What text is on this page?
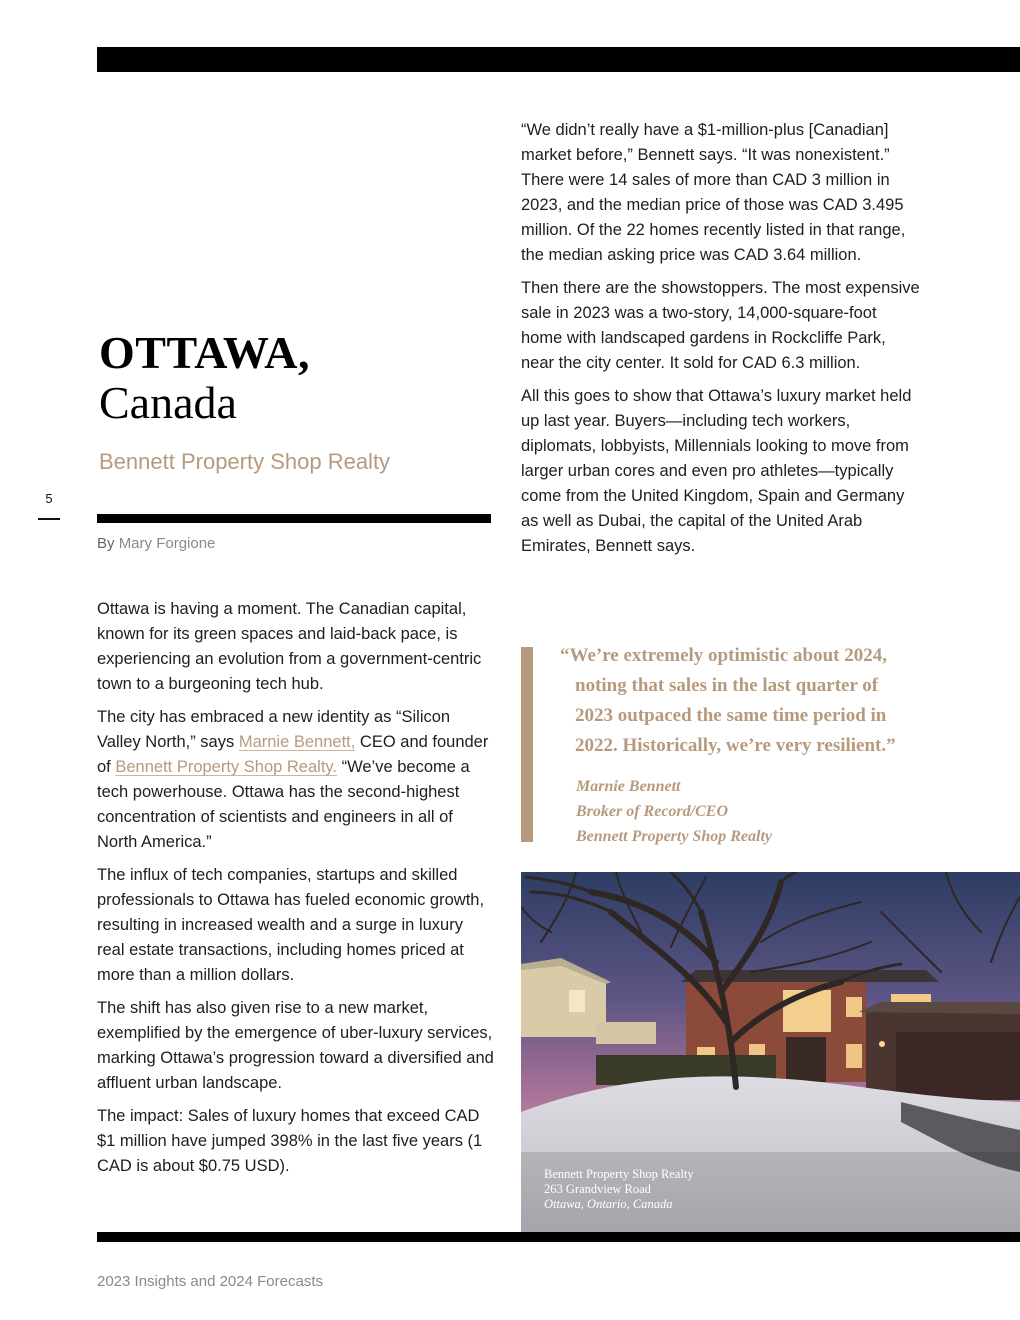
5
OTTAWA,
Canada
Bennett Property Shop Realty
By Mary Forgione

Ottawa is having a moment. The Canadian capital, known for its green spaces and laid-back pace, is experiencing an evolution from a government-centric town to a burgeoning tech hub.

The city has embraced a new identity as “Silicon Valley North,” says Marnie Bennett, CEO and founder of Bennett Property Shop Realty. “We’ve become a tech powerhouse. Ottawa has the second-highest concentration of scientists and engineers in all of North America.”

The influx of tech companies, startups and skilled professionals to Ottawa has fueled economic growth, resulting in increased wealth and a surge in luxury real estate transactions, including homes priced at more than a million dollars.

The shift has also given rise to a new market, exemplified by the emergence of uber-luxury services, marking Ottawa’s progression toward a diversified and affluent urban landscape.

The impact: Sales of luxury homes that exceed CAD $1 million have jumped 398% in the last five years (1 CAD is about $0.75 USD).

“We didn’t really have a $1-million-plus [Canadian] market before,” Bennett says. “It was nonexistent.” There were 14 sales of more than CAD 3 million in 2023, and the median price of those was CAD 3.495 million. Of the 22 homes recently listed in that range, the median asking price was CAD 3.64 million.

Then there are the showstoppers. The most expensive sale in 2023 was a two-story, 14,000-square-foot home with landscaped gardens in Rockcliffe Park, near the city center. It sold for CAD 6.3 million.

All this goes to show that Ottawa’s luxury market held up last year. Buyers—including tech workers, diplomats, lobbyists, Millennials looking to move from larger urban cores and even pro athletes—typically come from the United Kingdom, Spain and Germany as well as Dubai, the capital of the United Arab Emirates, Bennett says.

“We’re extremely optimistic about 2024,
noting that sales in the last quarter of
2023 outpaced the same time period in
2022. Historically, we’re very resilient.”
Marnie Bennett
Broker of Record/CEO
Bennett Property Shop Realty
Bennett Property Shop Realty
263 Grandview Road
Ottawa, Ontario, Canada
2023 Insights and 2024 Forecasts
